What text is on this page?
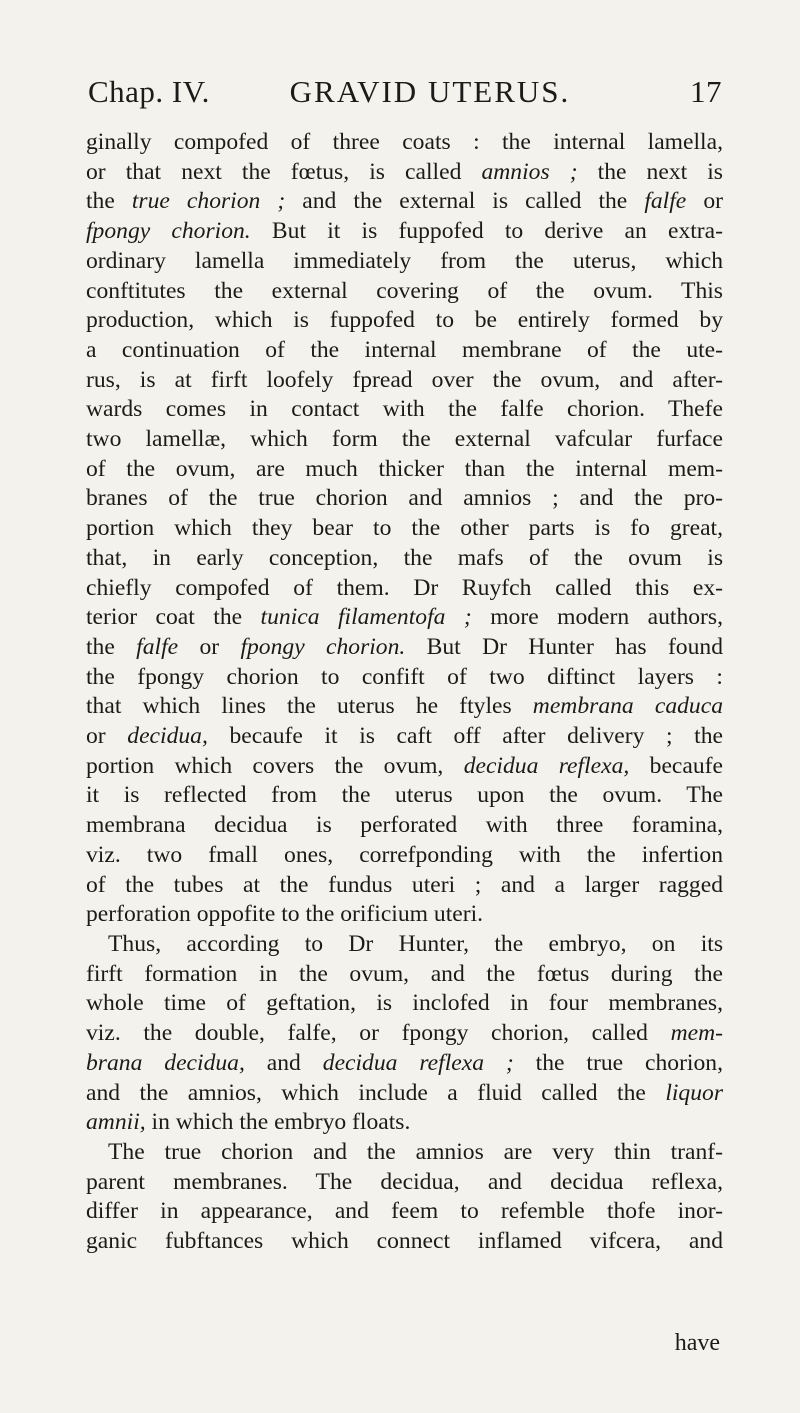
Chap. IV.	GRAVID UTERUS.	17
ginally compofed of three coats : the internal lamella,
or that next the fœtus, is called amnios ; the next is
the true chorion ; and the external is called the falfe or
fpongy chorion. But it is fuppofed to derive an extra-
ordinary lamella immediately from the uterus, which
conftitutes the external covering of the ovum. This
production, which is fuppofed to be entirely formed by
a continuation of the internal membrane of the ute-
rus, is at firft loofely fpread over the ovum, and after-
wards comes in contact with the falfe chorion. Thefe
two lamellæ, which form the external vafcular furface
of the ovum, are much thicker than the internal mem-
branes of the true chorion and amnios ; and the pro-
portion which they bear to the other parts is fo great,
that, in early conception, the mafs of the ovum is
chiefly compofed of them. Dr Ruyfch called this ex-
terior coat the tunica filamentofa ; more modern authors,
the falfe or fpongy chorion. But Dr Hunter has found
the fpongy chorion to confift of two diftinct layers :
that which lines the uterus he ftyles membrana caduca
or decidua, becaufe it is caft off after delivery ; the
portion which covers the ovum, decidua reflexa, becaufe
it is reflected from the uterus upon the ovum. The
membrana decidua is perforated with three foramina,
viz. two fmall ones, correfponding with the infertion
of the tubes at the fundus uteri ; and a larger ragged
perforation oppofite to the orificium uteri.
Thus, according to Dr Hunter, the embryo, on its
firft formation in the ovum, and the fœtus during the
whole time of geftation, is inclofed in four membranes,
viz. the double, falfe, or fpongy chorion, called mem-
brana decidua, and decidua reflexa ; the true chorion,
and the amnios, which include a fluid called the liquor
amnii, in which the embryo floats.
The true chorion and the amnios are very thin tranf-
parent membranes. The decidua, and decidua reflexa,
differ in appearance, and feem to refemble thofe inor-
ganic fubftances which connect inflamed vifcera, and
have
